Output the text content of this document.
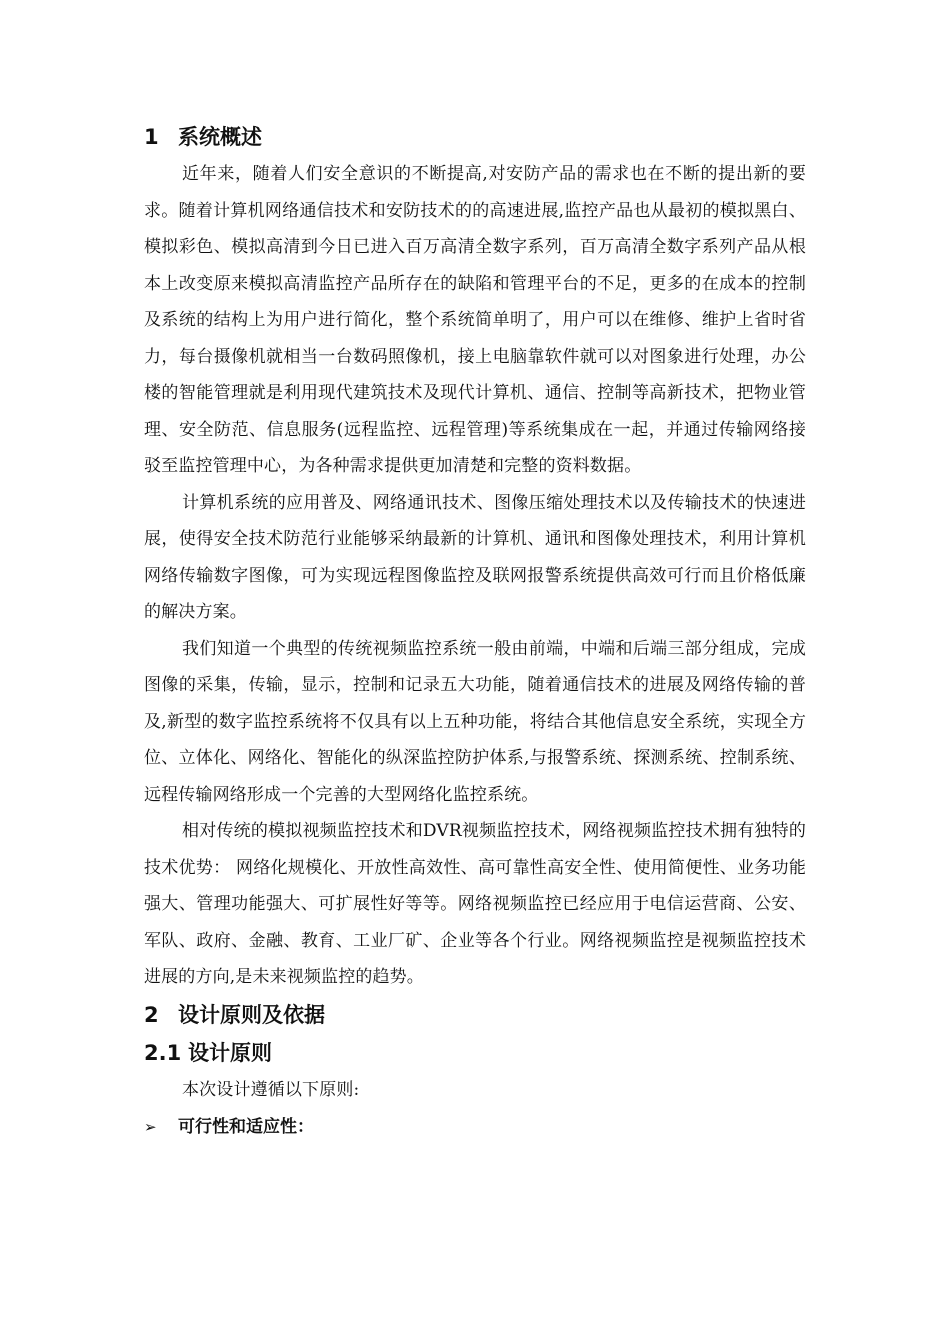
1 系统概述

近年来，随着人们安全意识的不断提高,对安防产品的需求也在不断的提出新的要求。随着计算机网络通信技术和安防技术的的高速进展,监控产品也从最初的模拟黑白、模拟彩色、模拟高清到今日已进入百万高清全数字系列，百万高清全数字系列产品从根本上改变原来模拟高清监控产品所存在的缺陷和管理平台的不足，更多的在成本的控制及系统的结构上为用户进行简化，整个系统简单明了，用户可以在维修、维护上省时省力，每台摄像机就相当一台数码照像机，接上电脑靠软件就可以对图象进行处理，办公楼的智能管理就是利用现代建筑技术及现代计算机、通信、控制等高新技术，把物业管理、安全防范、信息服务(远程监控、远程管理)等系统集成在一起，并通过传输网络接驳至监控管理中心，为各种需求提供更加清楚和完整的资料数据。

计算机系统的应用普及、网络通讯技术、图像压缩处理技术以及传输技术的快速进展，使得安全技术防范行业能够采纳最新的计算机、通讯和图像处理技术，利用计算机网络传输数字图像，可为实现远程图像监控及联网报警系统提供高效可行而且价格低廉的解决方案。

我们知道一个典型的传统视频监控系统一般由前端，中端和后端三部分组成，完成图像的采集，传输，显示，控制和记录五大功能，随着通信技术的进展及网络传输的普及,新型的数字监控系统将不仅具有以上五种功能，将结合其他信息安全系统，实现全方位、立体化、网络化、智能化的纵深监控防护体系,与报警系统、探测系统、控制系统、远程传输网络形成一个完善的大型网络化监控系统。

相对传统的模拟视频监控技术和DVR视频监控技术，网络视频监控技术拥有独特的技术优势： 网络化规模化、开放性高效性、高可靠性高安全性、使用简便性、业务功能强大、管理功能强大、可扩展性好等等。网络视频监控已经应用于电信运营商、公安、军队、政府、金融、教育、工业厂矿、企业等各个行业。网络视频监控是视频监控技术进展的方向,是未来视频监控的趋势。

2 设计原则及依据
2.1 设计原则

本次设计遵循以下原则:

➢ 可行性和适应性：
